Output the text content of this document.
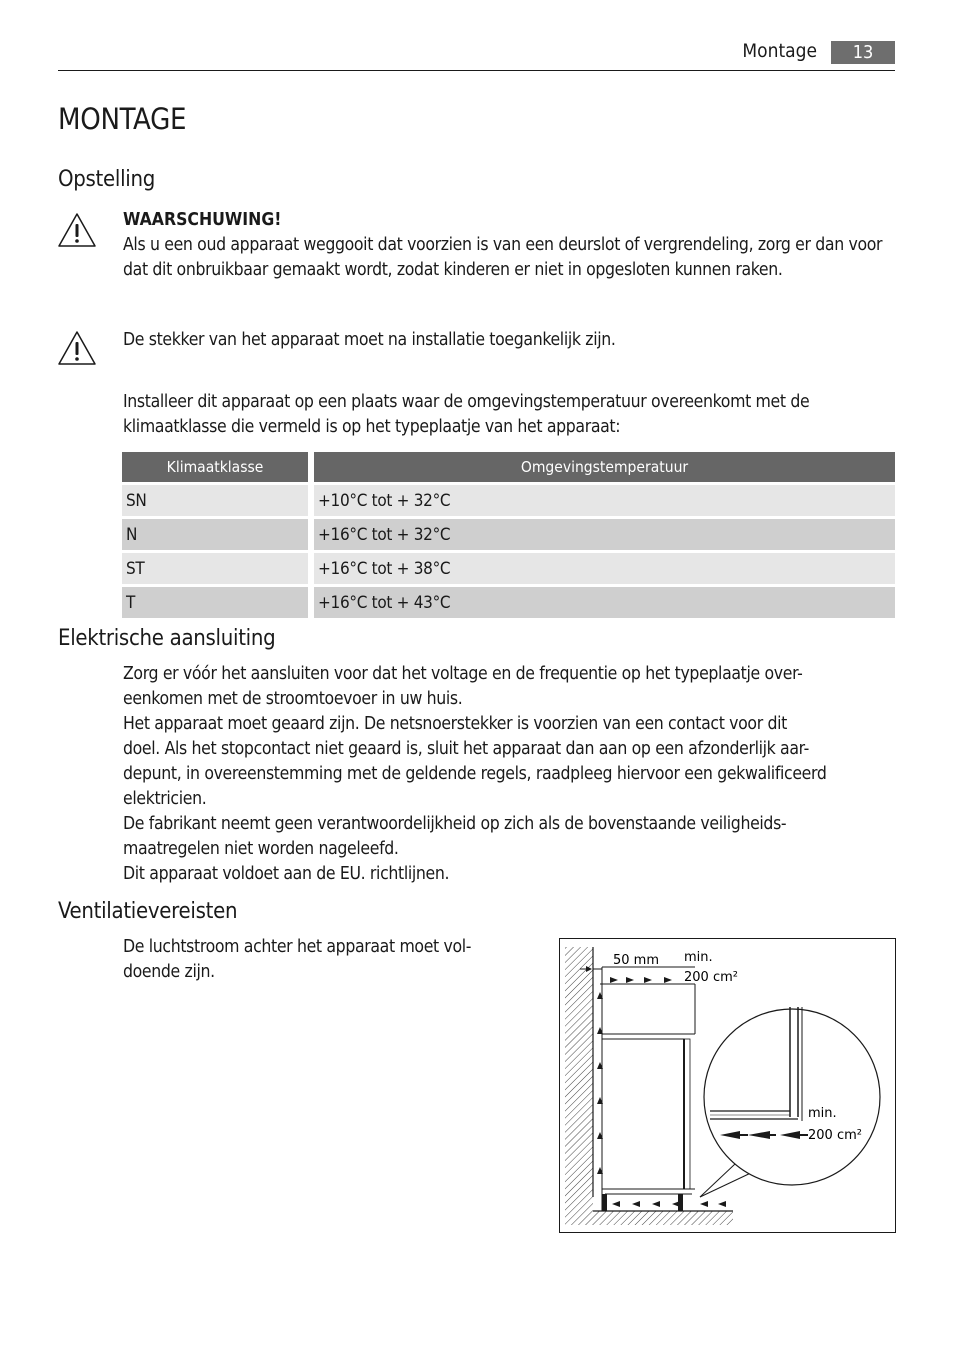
Montage	13
MONTAGE
Opstelling

WAARSCHUWING!

Als u een oud apparaat weggooit dat voorzien is van een deurslot of vergrendeling, zorg er dan voor dat dit onbruikbaar gemaakt wordt, zodat kinderen er niet in opgesloten kunnen raken.

De stekker van het apparaat moet na installatie toegankelijk zijn.

Installeer dit apparaat op een plaats waar de omgevingstemperatuur overeenkomt met de klimaatklasse die vermeld is op het typeplaatje van het apparaat:

Klimaatklasse		Omgevingstemperatuur
SN		+10°C tot + 32°C
N		+16°C tot + 32°C
ST		+16°C tot + 38°C
T		+16°C tot + 43°C
Elektrische aansluiting

Zorg er vóór het aansluiten voor dat het voltage en de frequentie op het typeplaatje over-

eenkomen met de stroomtoevoer in uw huis.

Het apparaat moet geaard zijn. De netsnoerstekker is voorzien van een contact voor dit

doel. Als het stopcontact niet geaard is, sluit het apparaat dan aan op een afzonderlijk aar-

depunt, in overeenstemming met de geldende regels, raadpleeg hiervoor een gekwalificeerd

elektricien.

De fabrikant neemt geen verantwoordelijkheid op zich als de bovenstaande veiligheids-

maatregelen niet worden nageleefd.

Dit apparaat voldoet aan de EU. richtlijnen.

Ventilatievereisten

De luchtstroom achter het apparaat moet vol-

doende zijn.

50 mm min.
200 cm²
min.
200 cm²
